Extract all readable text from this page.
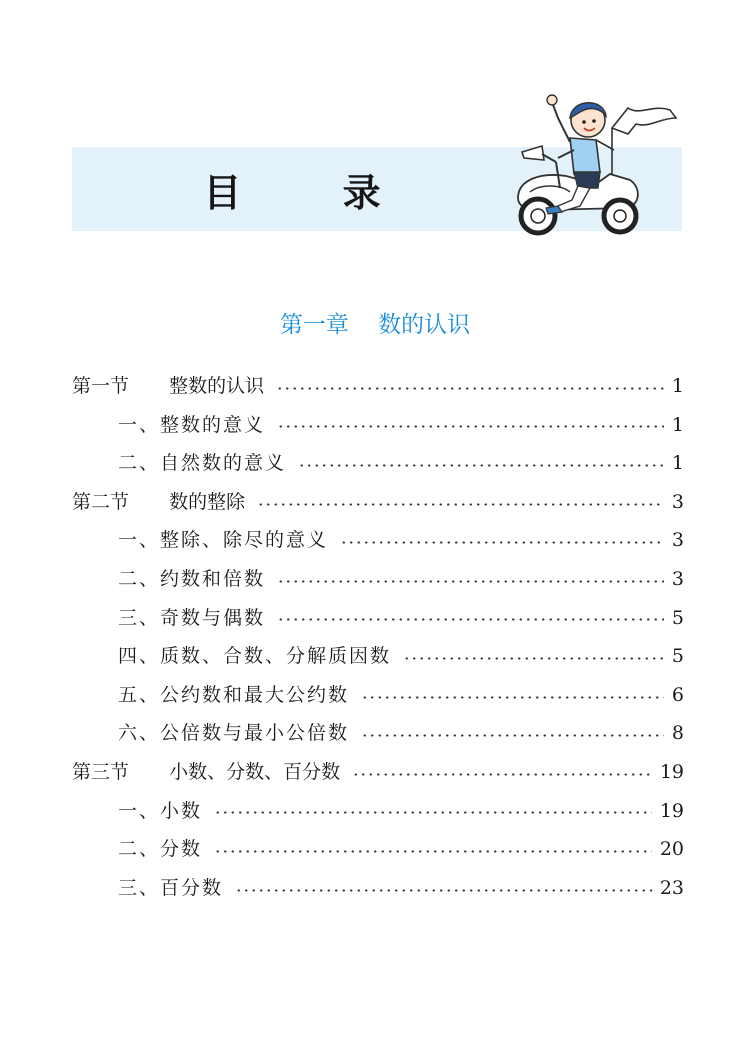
目 录
第一章 数的认识
第一节  整数的认识	1
一、整数的意义	1
二、自然数的意义	1
第二节  数的整除	3
一、整除、除尽的意义	3
二、约数和倍数	3
三、奇数与偶数	5
四、质数、合数、分解质因数	5
五、公约数和最大公约数	6
六、公倍数与最小公倍数	8
第三节  小数、分数、百分数	19
一、小数	19
二、分数	20
三、百分数	23
